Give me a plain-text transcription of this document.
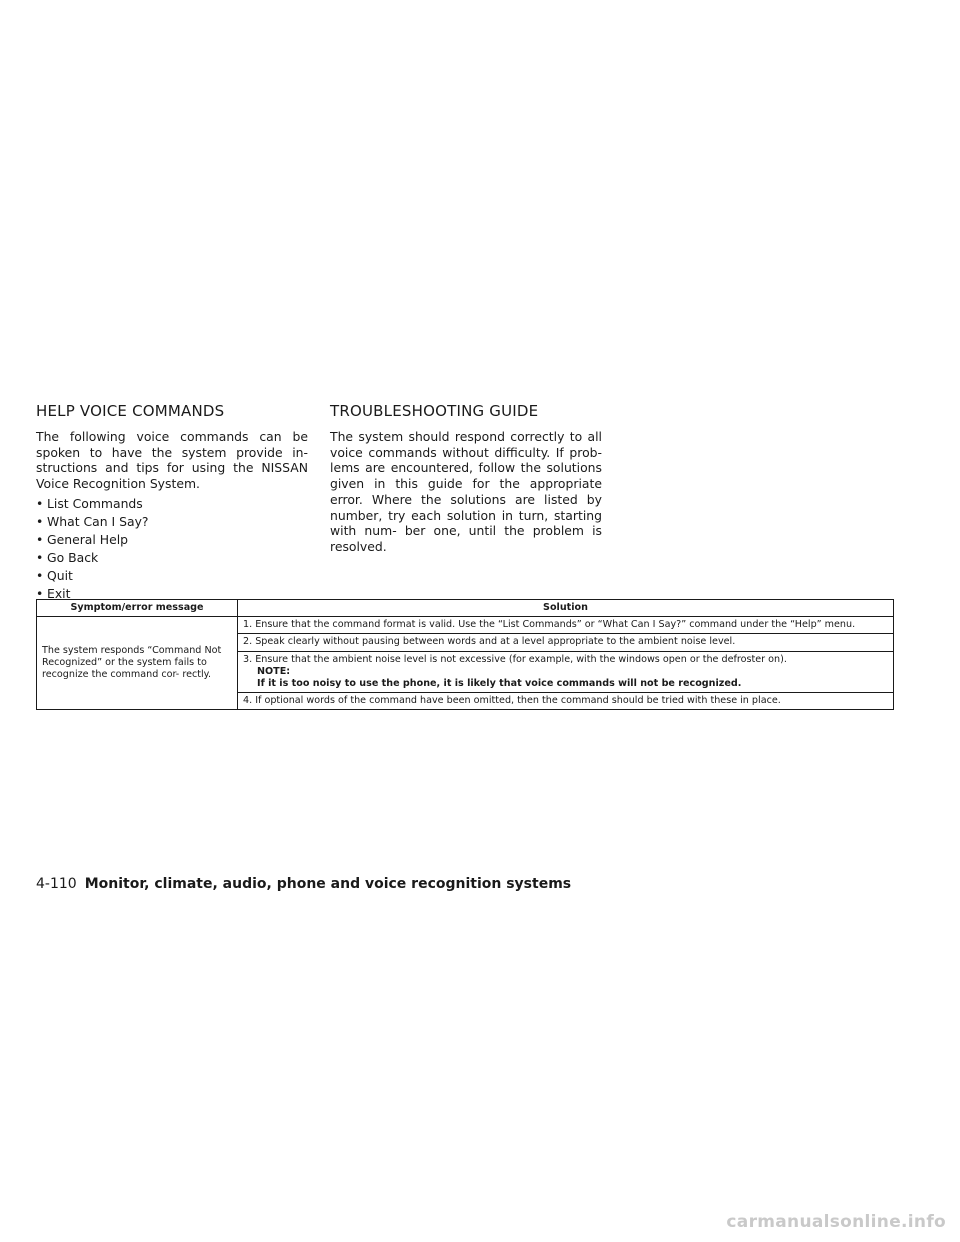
HELP VOICE COMMANDS

The following voice commands can be spoken to have the system provide in- structions and tips for using the NISSAN Voice Recognition System.

• List Commands
• What Can I Say?
• General Help
• Go Back
• Quit
• Exit
TROUBLESHOOTING GUIDE

The system should respond correctly to all voice commands without difficulty. If prob- lems are encountered, follow the solutions given in this guide for the appropriate error. Where the solutions are listed by number, try each solution in turn, starting with num- ber one, until the problem is resolved.

Symptom/error message	Solution
The system responds “Command Not Recognized” or the system fails to recognize the command cor- rectly.	1. Ensure that the command format is valid. Use the “List Commands” or “What Can I Say?” command under the “Help” menu.

	2. Speak clearly without pausing between words and at a level appropriate to the ambient noise level.

	3. Ensure that the ambient noise level is not excessive (for example, with the windows open or the defroster on).
NOTE:
If it is too noisy to use the phone, it is likely that voice commands will not be recognized.

	4. If optional words of the command have been omitted, then the command should be tried with these in place.
4-110 Monitor, climate, audio, phone and voice recognition systems
carmanualsonline.info
